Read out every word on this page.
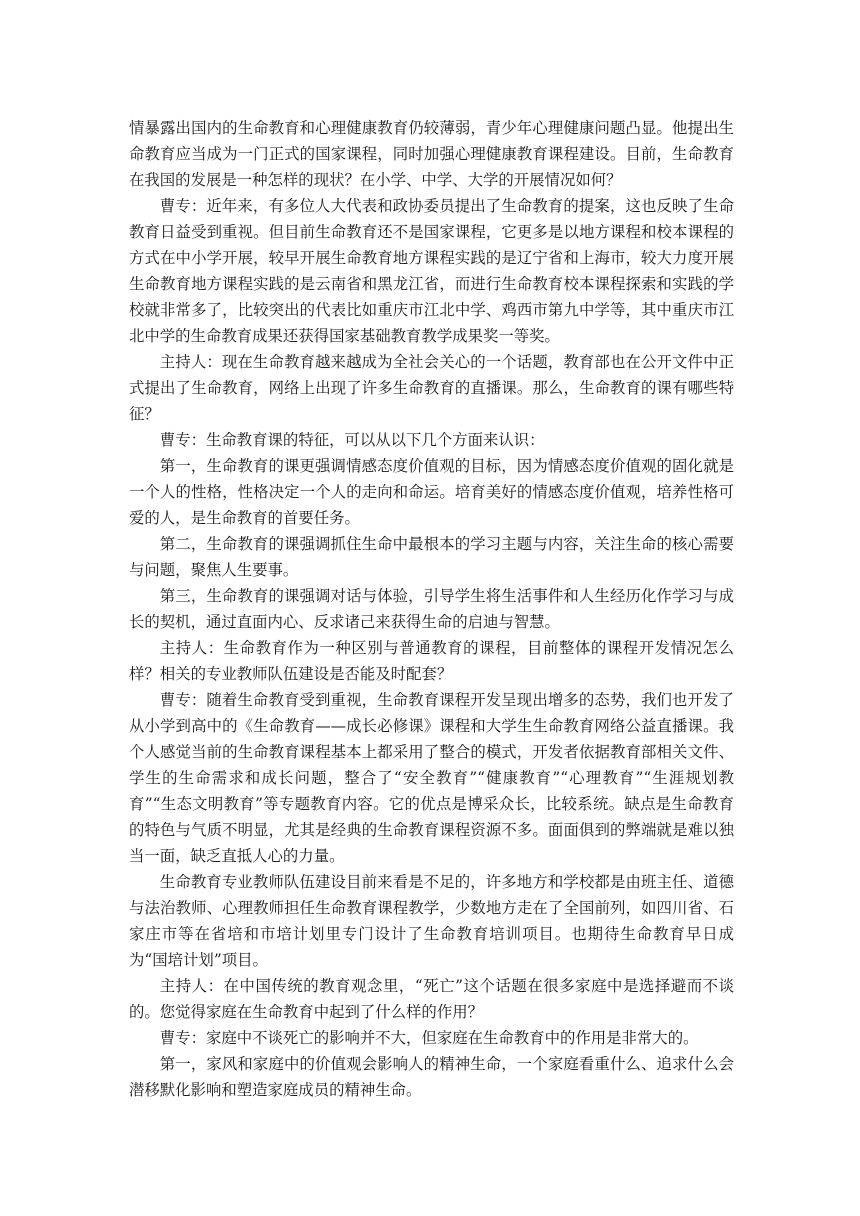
情暴露出国内的生命教育和心理健康教育仍较薄弱，青少年心理健康问题凸显。他提出生命教育应当成为一门正式的国家课程，同时加强心理健康教育课程建设。目前，生命教育在我国的发展是一种怎样的现状？在小学、中学、大学的开展情况如何？

曹专：近年来，有多位人大代表和政协委员提出了生命教育的提案，这也反映了生命教育日益受到重视。但目前生命教育还不是国家课程，它更多是以地方课程和校本课程的方式在中小学开展，较早开展生命教育地方课程实践的是辽宁省和上海市，较大力度开展生命教育地方课程实践的是云南省和黑龙江省，而进行生命教育校本课程探索和实践的学校就非常多了，比较突出的代表比如重庆市江北中学、鸡西市第九中学等，其中重庆市江北中学的生命教育成果还获得国家基础教育教学成果奖一等奖。

主持人：现在生命教育越来越成为全社会关心的一个话题，教育部也在公开文件中正式提出了生命教育，网络上出现了许多生命教育的直播课。那么，生命教育的课有哪些特征？

曹专：生命教育课的特征，可以从以下几个方面来认识：

第一，生命教育的课更强调情感态度价值观的目标，因为情感态度价值观的固化就是一个人的性格，性格决定一个人的走向和命运。培育美好的情感态度价值观，培养性格可爱的人，是生命教育的首要任务。

第二，生命教育的课强调抓住生命中最根本的学习主题与内容，关注生命的核心需要与问题，聚焦人生要事。

第三，生命教育的课强调对话与体验，引导学生将生活事件和人生经历化作学习与成长的契机，通过直面内心、反求诸己来获得生命的启迪与智慧。

主持人：生命教育作为一种区别与普通教育的课程，目前整体的课程开发情况怎么样？相关的专业教师队伍建设是否能及时配套？

曹专：随着生命教育受到重视，生命教育课程开发呈现出增多的态势，我们也开发了从小学到高中的《生命教育——成长必修课》课程和大学生生命教育网络公益直播课。我个人感觉当前的生命教育课程基本上都采用了整合的模式，开发者依据教育部相关文件、学生的生命需求和成长问题，整合了“安全教育”“健康教育”“心理教育”“生涯规划教育”“生态文明教育”等专题教育内容。它的优点是博采众长，比较系统。缺点是生命教育的特色与气质不明显，尤其是经典的生命教育课程资源不多。面面俱到的弊端就是难以独当一面，缺乏直抵人心的力量。

生命教育专业教师队伍建设目前来看是不足的，许多地方和学校都是由班主任、道德与法治教师、心理教师担任生命教育课程教学，少数地方走在了全国前列，如四川省、石家庄市等在省培和市培计划里专门设计了生命教育培训项目。也期待生命教育早日成为“国培计划”项目。

主持人：在中国传统的教育观念里，“死亡”这个话题在很多家庭中是选择避而不谈的。您觉得家庭在生命教育中起到了什么样的作用？

曹专：家庭中不谈死亡的影响并不大，但家庭在生命教育中的作用是非常大的。

第一，家风和家庭中的价值观会影响人的精神生命，一个家庭看重什么、追求什么会潜移默化影响和塑造家庭成员的精神生命。
